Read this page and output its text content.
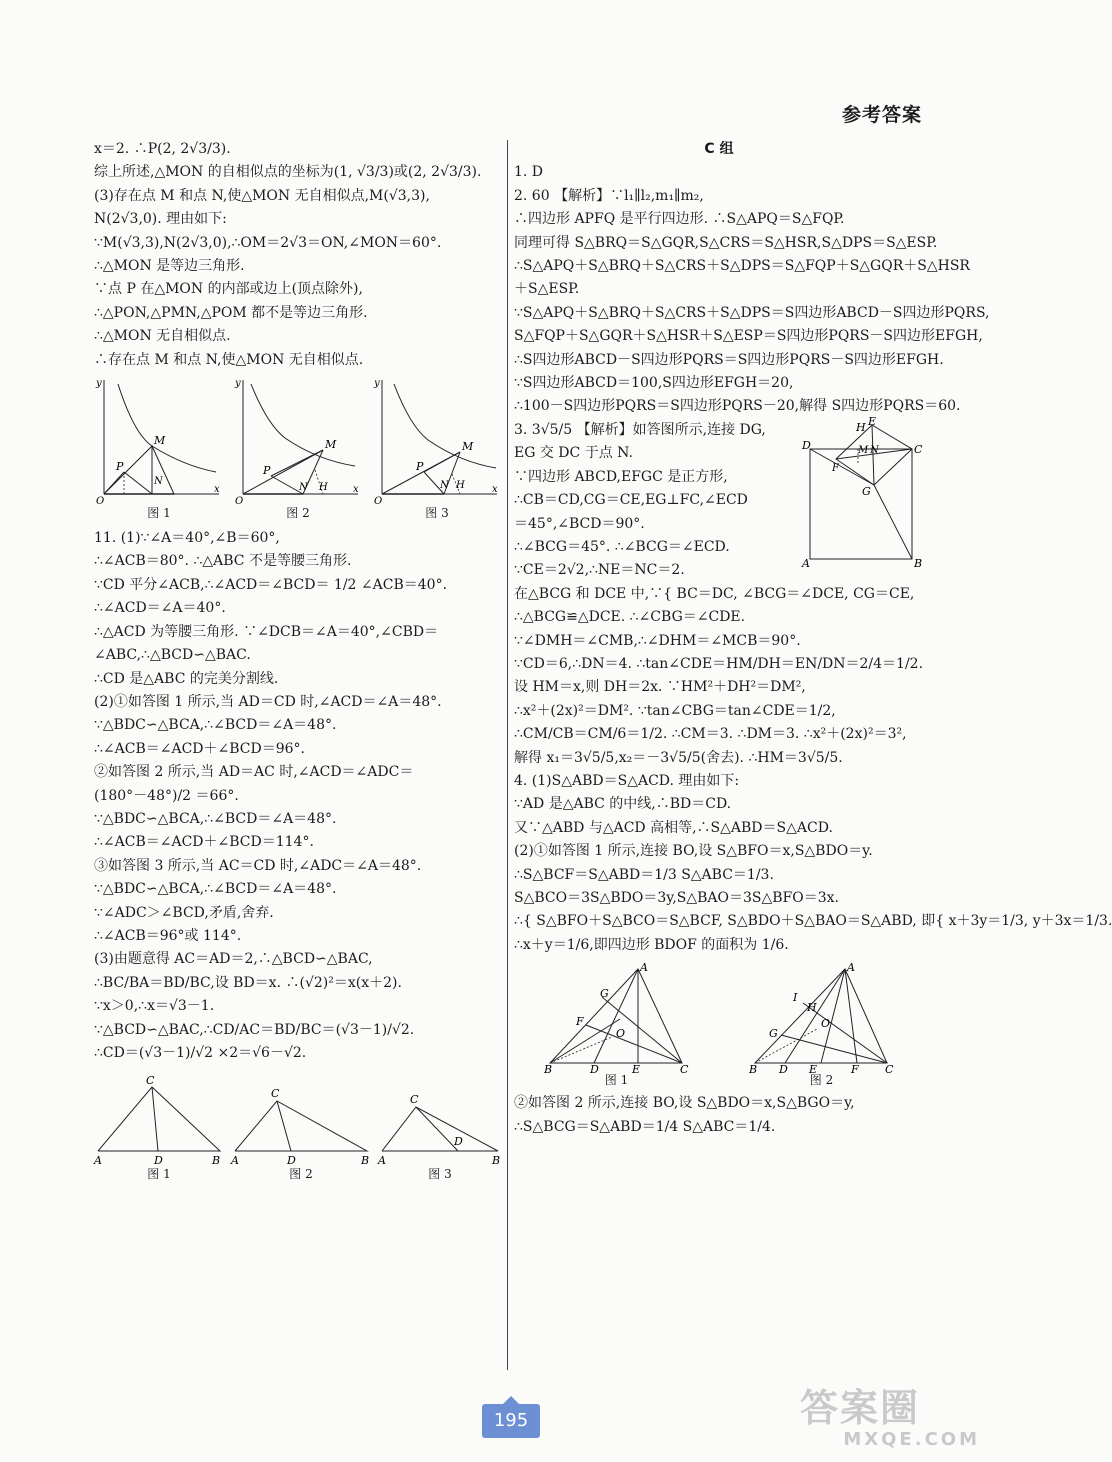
参考答案
x＝2. ∴P(2, 2√3/3).
综上所述,△MON 的自相似点的坐标为(1, √3/3)或(2, 2√3/3).
(3)存在点 M 和点 N,使△MON 无自相似点,M(√3,3),
N(2√3,0). 理由如下:
∵M(√3,3),N(2√3,0),∴OM＝2√3＝ON,∠MON＝60°.
∴△MON 是等边三角形.
∵点 P 在△MON 的内部或边上(顶点除外),
∴△PON,△PMN,△POM 都不是等边三角形.
∴△MON 无自相似点.
∴存在点 M 和点 N,使△MON 无自相似点.
M
P
N
O
x
y
图 1
M
P
N H
O
x
y
图 2
M
P
N H
O
x
y
图 3
11. (1)∵∠A＝40°,∠B＝60°,
∴∠ACB＝80°. ∴△ABC 不是等腰三角形.
∵CD 平分∠ACB,∴∠ACD＝∠BCD＝ 1/2 ∠ACB＝40°.
∴∠ACD＝∠A＝40°.
∴△ACD 为等腰三角形. ∵∠DCB＝∠A＝40°,∠CBD＝
∠ABC,∴△BCD∽△BAC.
∴CD 是△ABC 的完美分割线.
(2)①如答图 1 所示,当 AD＝CD 时,∠ACD＝∠A＝48°.
∵△BDC∽△BCA,∴∠BCD＝∠A＝48°.
∴∠ACB＝∠ACD＋∠BCD＝96°.
②如答图 2 所示,当 AD＝AC 时,∠ACD＝∠ADC＝
(180°－48°)/2 ＝66°.
∵△BDC∽△BCA,∴∠BCD＝∠A＝48°.
∴∠ACB＝∠ACD＋∠BCD＝114°.
③如答图 3 所示,当 AC＝CD 时,∠ADC＝∠A＝48°.
∵△BDC∽△BCA,∴∠BCD＝∠A＝48°.
∵∠ADC＞∠BCD,矛盾,舍弃.
∴∠ACB＝96°或 114°.
(3)由题意得 AC＝AD＝2,∴△BCD∽△BAC,
∴BC/BA＝BD/BC,设 BD＝x. ∴(√2)²＝x(x＋2).
∵x＞0,∴x＝√3－1.
∵△BCD∽△BAC,∴CD/AC＝BD/BC＝(√3－1)/√2.
∴CD＝(√3－1)/√2 ×2＝√6－√2.
C
A	D	B
图 1
C
A	D	B
图 2
C
A
D
B
图 3
C 组
1. D
2. 60 【解析】∵l₁∥l₂,m₁∥m₂,
∴四边形 APFQ 是平行四边形. ∴S△APQ＝S△FQP.
同理可得 S△BRQ＝S△GQR,S△CRS＝S△HSR,S△DPS＝S△ESP.
∴S△APQ＋S△BRQ＋S△CRS＋S△DPS＝S△FQP＋S△GQR＋S△HSR
＋S△ESP.
∵S△APQ＋S△BRQ＋S△CRS＋S△DPS＝S四边形ABCD－S四边形PQRS,
S△FQP＋S△GQR＋S△HSR＋S△ESP＝S四边形PQRS－S四边形EFGH,
∴S四边形ABCD－S四边形PQRS＝S四边形PQRS－S四边形EFGH.
∵S四边形ABCD＝100,S四边形EFGH＝20,
∴100－S四边形PQRS＝S四边形PQRS－20,解得 S四边形PQRS＝60.
3. 3√5/5 【解析】如答图所示,连接 DG,
EG 交 DC 于点 N.
∵四边形 ABCD,EFGC 是正方形,
∴CB＝CD,CG＝CE,EG⊥FC,∠ECD
＝45°,∠BCD＝90°.
∴∠BCG＝45°. ∴∠BCG＝∠ECD.
∵CE＝2√2,∴NE＝NC＝2.
H E
D	C
F
M N
G
A	B
在△BCG 和 DCE 中,∵{ BC＝DC, ∠BCG＝∠DCE, CG＝CE,
∴△BCG≌△DCE. ∴∠CBG＝∠CDE.
∵∠DMH＝∠CMB,∴∠DHM＝∠MCB＝90°.
∵CD＝6,∴DN＝4. ∴tan∠CDE＝HM/DH＝EN/DN＝2/4＝1/2.
设 HM＝x,则 DH＝2x. ∵HM²＋DH²＝DM²,
∴x²＋(2x)²＝DM². ∵tan∠CBG＝tan∠CDE＝1/2,
∴CM/CB＝CM/6＝1/2. ∴CM＝3. ∴DM＝3. ∴x²＋(2x)²＝3²,
解得 x₁＝3√5/5,x₂＝－3√5/5(舍去). ∴HM＝3√5/5.
4. (1)S△ABD＝S△ACD. 理由如下:
∵AD 是△ABC 的中线,∴BD＝CD.
又∵△ABD 与△ACD 高相等,∴S△ABD＝S△ACD.
(2)①如答图 1 所示,连接 BO,设 S△BFO＝x,S△BDO＝y.
∴S△BCF＝S△ABD＝1/3 S△ABC＝1/3.
S△BCO＝3S△BDO＝3y,S△BAO＝3S△BFO＝3x.
∴{ S△BFO＋S△BCO＝S△BCF, S△BDO＋S△BAO＝S△ABD, 即{ x＋3y＝1/3, y＋3x＝1/3.
∴x＋y＝1/6,即四边形 BDOF 的面积为 1/6.
A
G
F
O
B	D	E	C
图 1
A
I
H
G
O
B D E	F C
图 2
②如答图 2 所示,连接 BO,设 S△BDO＝x,S△BGO＝y,
∴S△BCG＝S△ABD＝1/4 S△ABC＝1/4.
195	答案圈
MXQE.COM
